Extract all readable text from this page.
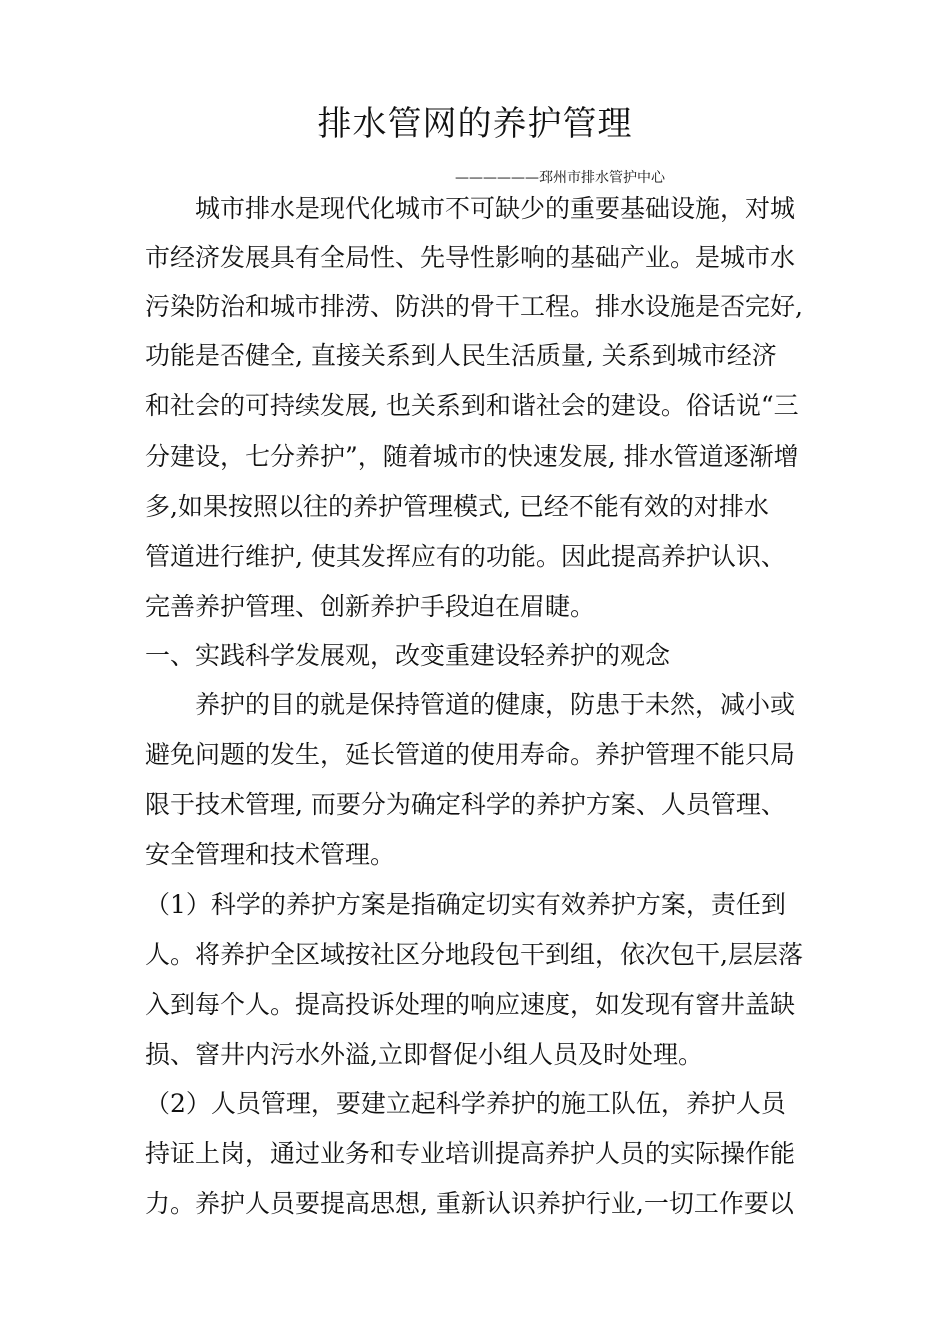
排水管网的养护管理
——————邳州市排水管护中心
城市排水是现代化城市不可缺少的重要基础设施，对城
市经济发展具有全局性、先导性影响的基础产业。是城市水
污染防治和城市排涝、防洪的骨干工程。排水设施是否完好,
功能是否健全, 直接关系到人民生活质量, 关系到城市经济
和社会的可持续发展, 也关系到和谐社会的建设。俗话说“三
分建设，七分养护”，随着城市的快速发展, 排水管道逐渐增
多,如果按照以往的养护管理模式, 已经不能有效的对排水
管道进行维护, 使其发挥应有的功能。因此提高养护认识、
完善养护管理、创新养护手段迫在眉睫。
一、实践科学发展观，改变重建设轻养护的观念
养护的目的就是保持管道的健康，防患于未然，减小或
避免问题的发生，延长管道的使用寿命。养护管理不能只局
限于技术管理, 而要分为确定科学的养护方案、人员管理、
安全管理和技术管理。
（1）科学的养护方案是指确定切实有效养护方案，责任到
人。将养护全区域按社区分地段包干到组，依次包干,层层落
入到每个人。提高投诉处理的响应速度，如发现有窨井盖缺
损、窨井内污水外溢,立即督促小组人员及时处理。
（2）人员管理，要建立起科学养护的施工队伍，养护人员
持证上岗，通过业务和专业培训提高养护人员的实际操作能
力。养护人员要提高思想, 重新认识养护行业,一切工作要以
